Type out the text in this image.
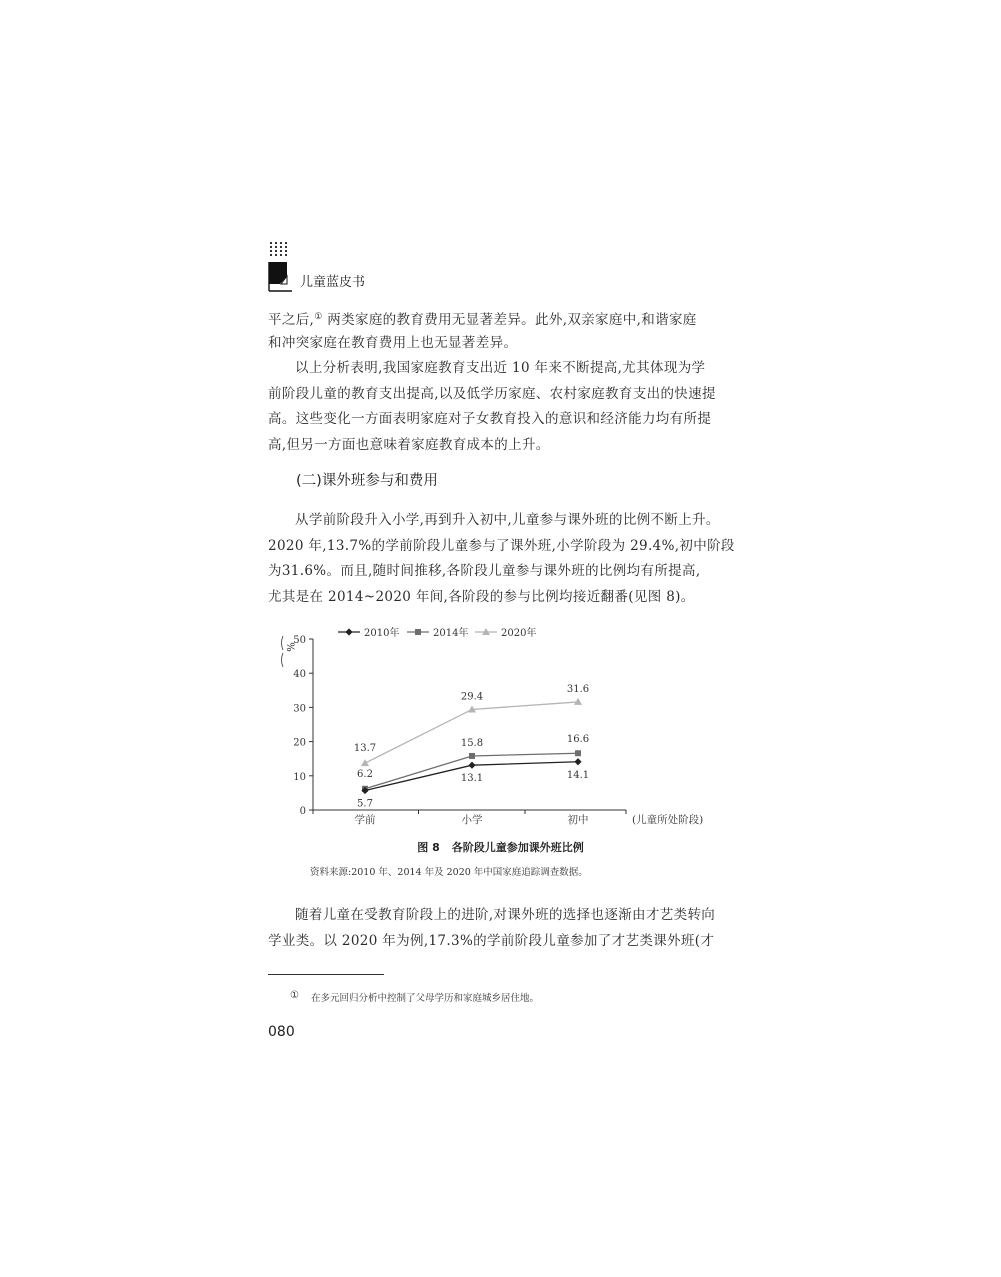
儿童蓝皮书

平之后,① 两类家庭的教育费用无显著差异。此外,双亲家庭中,和谐家庭

和冲突家庭在教育费用上也无显著差异。

以上分析表明,我国家庭教育支出近 10 年来不断提高,尤其体现为学

前阶段儿童的教育支出提高,以及低学历家庭、农村家庭教育支出的快速提

高。这些变化一方面表明家庭对子女教育投入的意识和经济能力均有所提

高,但另一方面也意味着家庭教育成本的上升。

(二)课外班参与和费用

从学前阶段升入小学,再到升入初中,儿童参与课外班的比例不断上升。

2020 年,13.7%的学前阶段儿童参与了课外班,小学阶段为 29.4%,初中阶段

为31.6%。而且,随时间推移,各阶段儿童参与课外班的比例均有所提高,

尤其是在 2014~2020 年间,各阶段的参与比例均接近翻番(见图 8)。

0
10
20
30
40
50
%
学前	小学	初中	(儿童所处阶段)
5.7
13.1	14.1
6.2
15.8	16.6
13.7
29.4
31.6
2010年	2014年	2020年
图 8 各阶段儿童参加课外班比例
资料来源:2010 年、2014 年及 2020 年中国家庭追踪调查数据。

随着儿童在受教育阶段上的进阶,对课外班的选择也逐渐由才艺类转向

学业类。以 2020 年为例,17.3%的学前阶段儿童参加了才艺类课外班(才

① 在多元回归分析中控制了父母学历和家庭城乡居住地。
080
